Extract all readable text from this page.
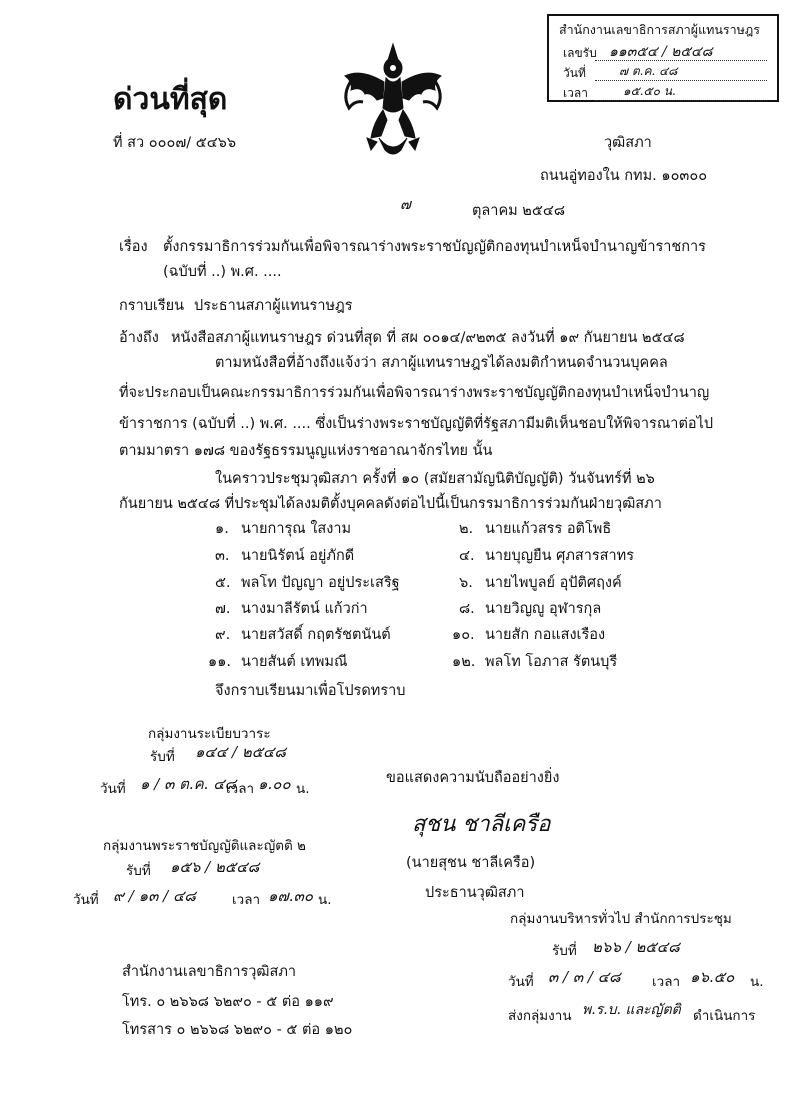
สำนักงานเลขาธิการสภาผู้แทนราษฎร
เลขรับ ๑๑๓๕๔ / ๒๕๔๘
วันที่	๗ ต.ค. ๔๘
เวลา	๑๕.๕๐ น.
ด่วนที่สุด
ที่ สว ๐๐๐๗/ ๕๔๖๖	วุฒิสภา
ถนนอู่ทองใน กทม. ๑๐๓๐๐
๗	ตุลาคม ๒๕๔๘
เรื่อง ตั้งกรรมาธิการร่วมกันเพื่อพิจารณาร่างพระราชบัญญัติกองทุนบำเหน็จบำนาญข้าราชการ
(ฉบับที่ ..) พ.ศ. ....
กราบเรียน ประธานสภาผู้แทนราษฎร
อ้างถึง หนังสือสภาผู้แทนราษฎร ด่วนที่สุด ที่ สผ ๐๐๑๔/๙๒๓๕ ลงวันที่ ๑๙ กันยายน ๒๕๔๘
ตามหนังสือที่อ้างถึงแจ้งว่า สภาผู้แทนราษฎรได้ลงมติกำหนดจำนวนบุคคล
ที่จะประกอบเป็นคณะกรรมาธิการร่วมกันเพื่อพิจารณาร่างพระราชบัญญัติกองทุนบำเหน็จบำนาญ
ข้าราชการ (ฉบับที่ ..) พ.ศ. .... ซึ่งเป็นร่างพระราชบัญญัติที่รัฐสภามีมติเห็นชอบให้พิจารณาต่อไป
ตามมาตรา ๑๗๘ ของรัฐธรรมนูญแห่งราชอาณาจักรไทย นั้น
ในคราวประชุมวุฒิสภา ครั้งที่ ๑๐ (สมัยสามัญนิติบัญญัติ) วันจันทร์ที่ ๒๖
กันยายน ๒๕๔๘ ที่ประชุมได้ลงมติตั้งบุคคลดังต่อไปนี้เป็นกรรมาธิการร่วมกันฝ่ายวุฒิสภา
๑. นายการุณ ใสงาม	๒. นายแก้วสรร อติโพธิ
๓. นายนิรัตน์ อยู่ภักดี	๔. นายบุญยืน ศุภสารสาทร
๕. พลโท ปัญญา อยู่ประเสริฐ	๖. นายไพบูลย์ อุปัติศฤงค์
๗. นางมาลีรัตน์ แก้วก่า	๘. นายวิญญู อุฬารกุล
๙. นายสวัสดิ์ กฤตรัชตนันต์	๑๐. นายสัก กอแสงเรือง
๑๑. นายสันต์ เทพมณี	๑๒. พลโท โอภาส รัตนบุรี
จึงกราบเรียนมาเพื่อโปรดทราบ
กลุ่มงานระเบียบวาระ
รับที่ ๑๔๔ / ๒๕๔๘
วันที่ ๑ / ๓ ต.ค. ๔๘
เวลา ๑.๐๐ น.
ขอแสดงความนับถืออย่างยิ่ง
สุชน ชาลีเครือ
(นายสุชน ชาลีเครือ)
ประธานวุฒิสภา
กลุ่มงานพระราชบัญญัติและญัตติ ๒
รับที่ ๑๕๖ / ๒๕๔๘
วันที่ ๙ / ๑๓ / ๔๘	เวลา ๑๗.๓๐ น.
กลุ่มงานบริหารทั่วไป สำนักการประชุม
รับที่ ๒๖๖ / ๒๕๔๘
วันที่ ๓ / ๓ / ๔๘ เวลา ๑๖.๕๐ น.
ส่งกลุ่มงาน พ.ร.บ. และญัตติ ดำเนินการ
สำนักงานเลขาธิการวุฒิสภา
โทร. ๐ ๒๖๖๘ ๖๒๙๐ - ๕ ต่อ ๑๑๙
โทรสาร ๐ ๒๖๖๘ ๖๒๙๐ - ๕ ต่อ ๑๒๐
